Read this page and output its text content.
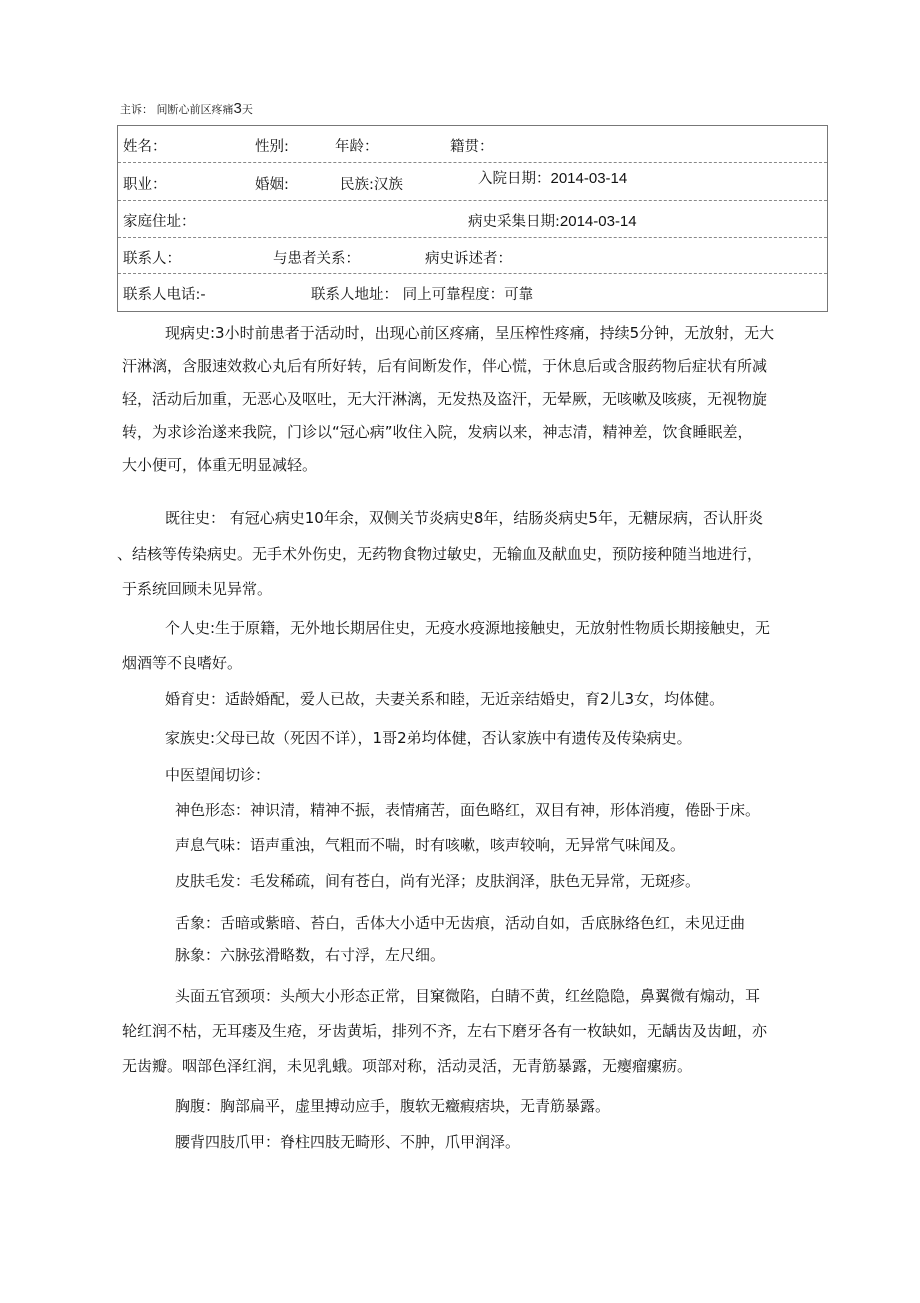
主诉： 间断心前区疼痛3天
姓名：	性别:	年龄：	籍贯：
职业：	婚姻:	民族:汉族	入院日期：2014-03-14
家庭住址：	病史采集日期:2014-03-14
联系人：	与患者关系：	病史诉述者：
联系人电话:-	联系人地址： 同上可靠程度：可靠
现病史:3小时前患者于活动时，出现心前区疼痛，呈压榨性疼痛，持续5分钟，无放射，无大
汗淋漓，含服速效救心丸后有所好转，后有间断发作，伴心慌，于休息后或含服药物后症状有所减
轻，活动后加重，无恶心及呕吐，无大汗淋漓，无发热及盗汗，无晕厥，无咳嗽及咳痰，无视物旋
转，为求诊治遂来我院，门诊以“冠心病”收住入院，发病以来，神志清，精神差，饮食睡眠差，
大小便可，体重无明显减轻。
既往史： 有冠心病史10年余，双侧关节炎病史8年，结肠炎病史5年，无糖尿病，否认肝炎
、结核等传染病史。无手术外伤史，无药物食物过敏史，无输血及献血史，预防接种随当地进行，
于系统回顾未见异常。
个人史:生于原籍，无外地长期居住史，无疫水疫源地接触史，无放射性物质长期接触史，无
烟酒等不良嗜好。
婚育史：适龄婚配，爱人已故，夫妻关系和睦，无近亲结婚史，育2儿3女，均体健。
家族史:父母已故（死因不详），1哥2弟均体健，否认家族中有遗传及传染病史。
中医望闻切诊：
神色形态：神识清，精神不振，表情痛苦，面色略红，双目有神，形体消瘦，倦卧于床。
声息气味：语声重浊，气粗而不喘，时有咳嗽，咳声较响，无异常气味闻及。
皮肤毛发：毛发稀疏，间有苍白，尚有光泽；皮肤润泽，肤色无异常，无斑疹。
舌象：舌暗或紫暗、苔白，舌体大小适中无齿痕，活动自如，舌底脉络色红，未见迂曲
脉象：六脉弦滑略数，右寸浮，左尺细。
头面五官颈项：头颅大小形态正常，目窠微陷，白睛不黄，红丝隐隐，鼻翼微有煽动，耳
轮红润不枯，无耳瘘及生疮，牙齿黄垢，排列不齐，左右下磨牙各有一枚缺如，无龋齿及齿衄，亦
无齿瓣。咽部色泽红润，未见乳蛾。项部对称，活动灵活，无青筋暴露，无瘿瘤瘰疬。
胸腹：胸部扁平，虚里搏动应手，腹软无癥瘕痞块，无青筋暴露。
腰背四肢爪甲：脊柱四肢无畸形、不肿，爪甲润泽。
